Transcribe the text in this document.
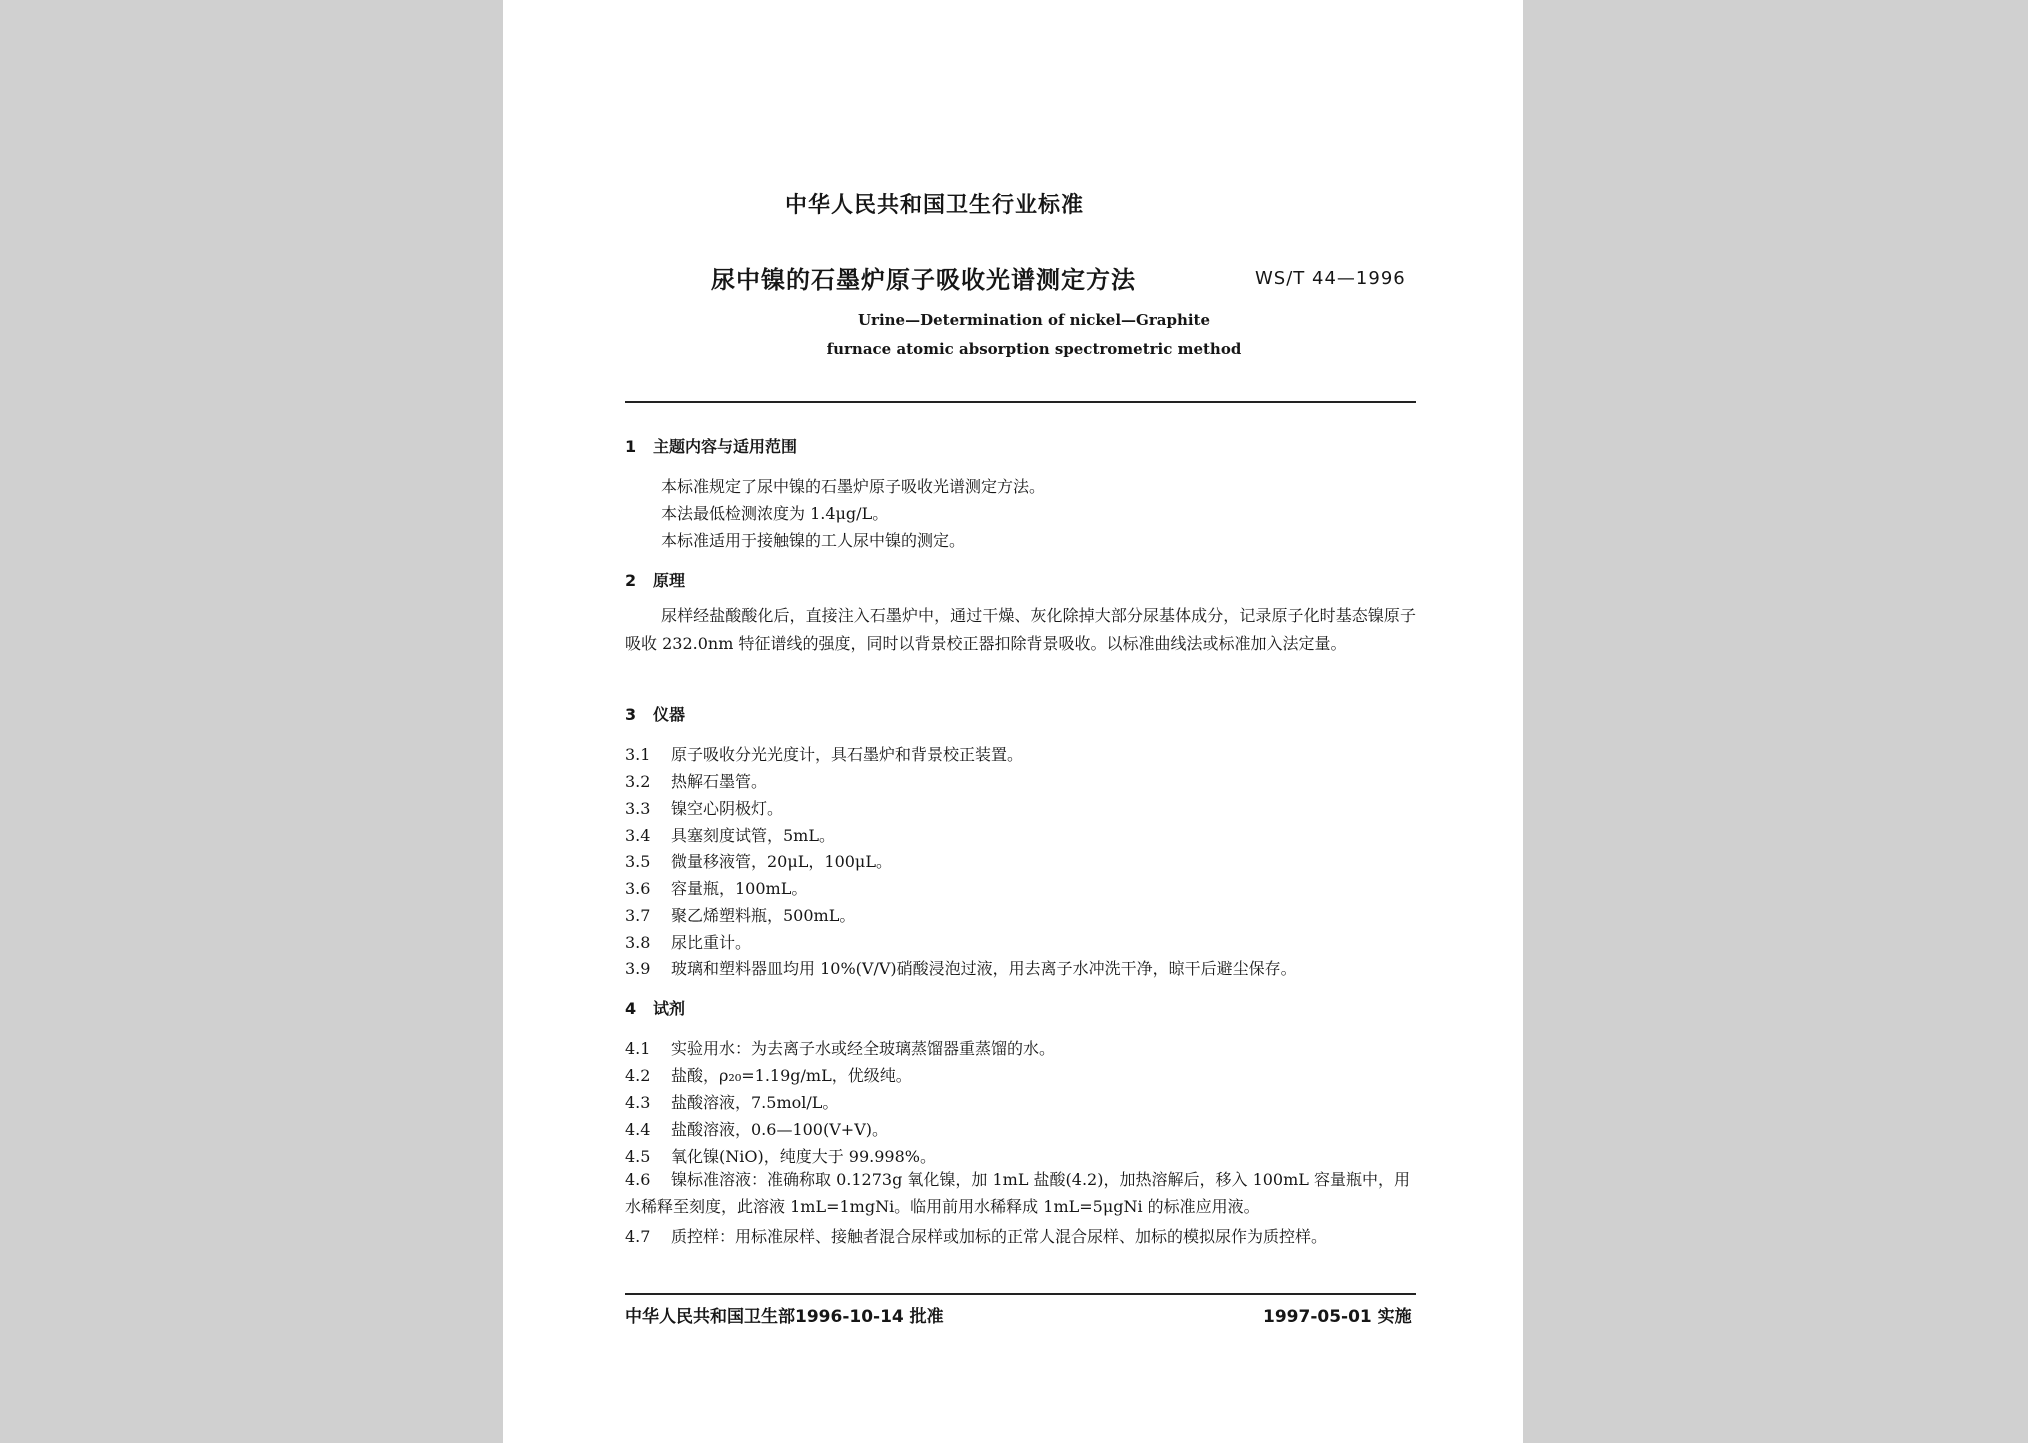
中华人民共和国卫生行业标准
尿中镍的石墨炉原子吸收光谱测定方法	WS/T 44—1996
Urine—Determination of nickel—Graphite
furnace atomic absorption spectrometric method
1 主题内容与适用范围
本标准规定了尿中镍的石墨炉原子吸收光谱测定方法。
本法最低检测浓度为 1.4μg/L。
本标准适用于接触镍的工人尿中镍的测定。
2 原理
尿样经盐酸酸化后，直接注入石墨炉中，通过干燥、灰化除掉大部分尿基体成分，记录原子化时基态镍原子吸收 232.0nm 特征谱线的强度，同时以背景校正器扣除背景吸收。以标准曲线法或标准加入法定量。
3 仪器
3.1 原子吸收分光光度计，具石墨炉和背景校正装置。
3.2 热解石墨管。
3.3 镍空心阴极灯。
3.4 具塞刻度试管，5mL。
3.5 微量移液管，20μL，100μL。
3.6 容量瓶，100mL。
3.7 聚乙烯塑料瓶，500mL。
3.8 尿比重计。
3.9 玻璃和塑料器皿均用 10%(V/V)硝酸浸泡过液，用去离子水冲洗干净，晾干后避尘保存。
4 试剂
4.1 实验用水：为去离子水或经全玻璃蒸馏器重蒸馏的水。
4.2 盐酸，ρ₂₀=1.19g/mL，优级纯。
4.3 盐酸溶液，7.5mol/L。
4.4 盐酸溶液，0.6—100(V+V)。
4.5 氧化镍(NiO)，纯度大于 99.998%。
4.6 镍标准溶液：准确称取 0.1273g 氧化镍，加 1mL 盐酸(4.2)，加热溶解后，移入 100mL 容量瓶中，用水稀释至刻度，此溶液 1mL=1mgNi。临用前用水稀释成 1mL=5μgNi 的标准应用液。
4.7 质控样：用标准尿样、接触者混合尿样或加标的正常人混合尿样、加标的模拟尿作为质控样。
中华人民共和国卫生部1996-10-14 批准	1997-05-01 实施
